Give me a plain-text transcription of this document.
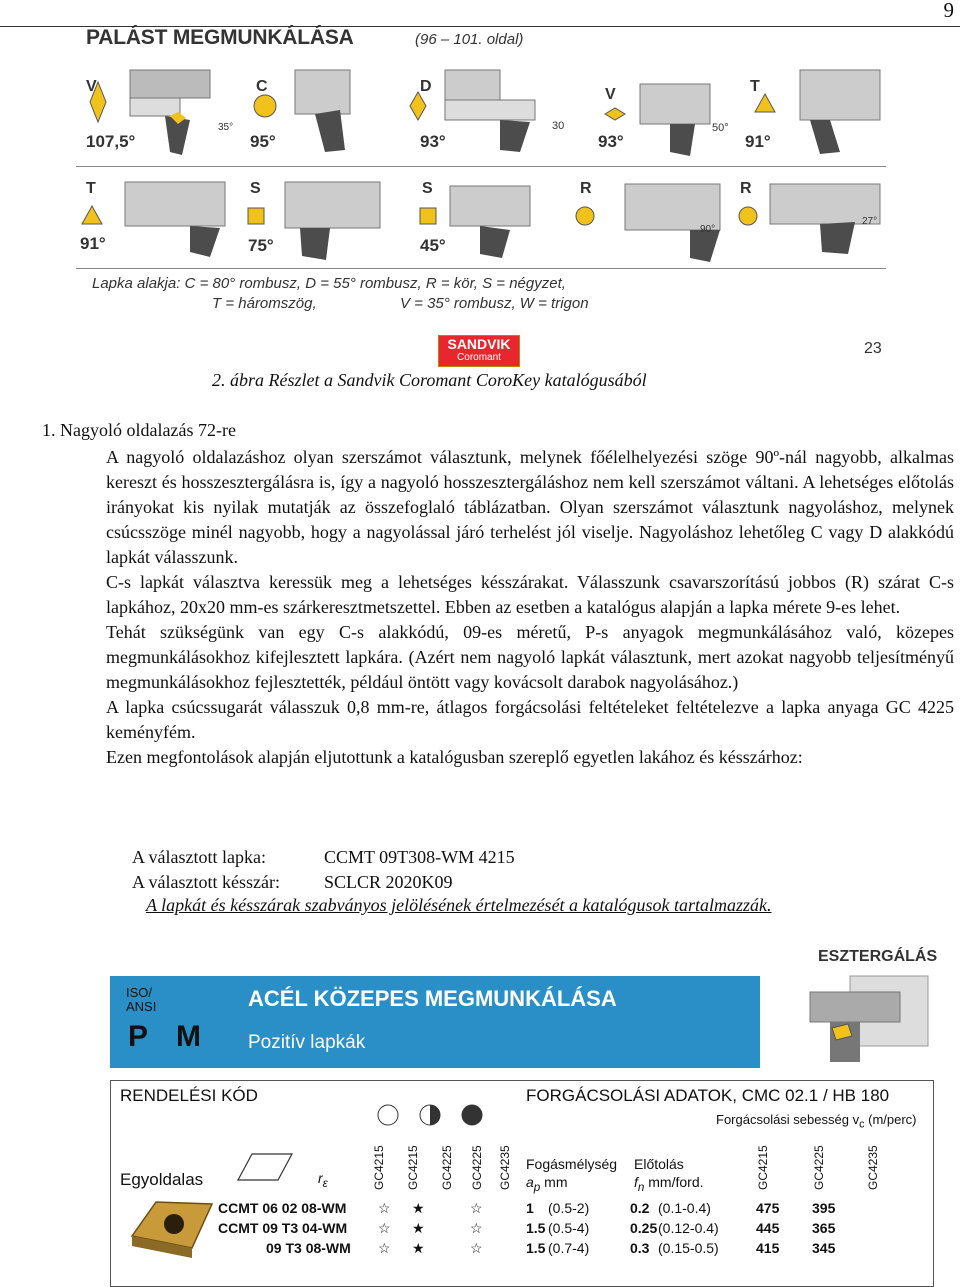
9
PALÁST MEGMUNKÁLÁSA	(96 – 101. oldal)
V
107,5°
35°
C
95°
D
93°
30
V
93°
50°
T
91°
T
91°
S
75°
S
45°
R
90°
R
27°
Lapka alakja: C = 80° rombusz, D = 55° rombusz, R = kör, S = négyzet,
T = háromszög,                    V = 35° rombusz, W = trigon
SANDVIK
Coromant
23
2. ábra Részlet a Sandvik Coromant CoroKey katalógusából
1. Nagyoló oldalazás 72-re

A nagyoló oldalazáshoz olyan szerszámot választunk, melynek főélelhelyezési szöge 90º-nál nagyobb, alkalmas kereszt és hosszesztergálásra is, így a nagyoló hosszesztergáláshoz nem kell szerszámot váltani. A lehetséges előtolás irányokat kis nyilak mutatják az összefoglaló táblázatban. Olyan szerszámot választunk nagyoláshoz, melynek csúcsszöge minél nagyobb, hogy a nagyolással járó terhelést jól viselje. Nagyoláshoz lehetőleg C vagy D alakkódú lapkát válasszunk.

C-s lapkát választva keressük meg a lehetséges késszárakat. Válasszunk csavarszorítású jobbos (R) szárat C-s lapkához, 20x20 mm-es szárkeresztmetszettel. Ebben az esetben a katalógus alapján a lapka mérete 9-es lehet.

Tehát szükségünk van egy C-s alakkódú, 09-es méretű, P-s anyagok megmunkálásához való, közepes megmunkálásokhoz kifejlesztett lapkára. (Azért nem nagyoló lapkát választunk, mert azokat nagyobb teljesítményű megmunkálásokhoz fejlesztették, például öntött vagy kovácsolt darabok nagyolásához.)

A lapka csúcssugarát válasszuk 0,8 mm-re, átlagos forgácsolási feltételeket feltételezve a lapka anyaga GC 4225 keményfém.

Ezen megfontolások alapján eljutottunk a katalógusban szereplő egyetlen lakához és késszárhoz:

A választott lapka:	CCMT 09T308-WM 4215
A választott késszár: SCLCR 2020K09
A lapkát és késszárak szabványos jelölésének értelmezését a katalógusok tartalmazzák.
ESZTERGÁLÁS
ISO/
ANSI
P M
ACÉL KÖZEPES MEGMUNKÁLÁSA
Pozitív lapkák
RENDELÉSI KÓD	FORGÁCSOLÁSI ADATOK, CMC 02.1 / HB 180
Forgácsolási sebesség $v_c$ (m/perc)
Egyoldalas	$r_\varepsilon$	GC4215 GC4215 GC4225 GC4225 GC4235 Fogásmélység
$a_p$ mm
Előtolás
$f_n$ mm/ford.	GC4215	GC4225	GC4235
CCMT 06 02 08-WM ☆ ★	☆	1 (0.5-2)	0.2 (0.1-0.4)	475 395
CCMT 09 T3 04-WM ☆ ★	☆	1.5 (0.5-4)	0.25 (0.12-0.4)	445 365
09 T3 08-WM ☆ ★	☆	1.5 (0.7-4)	0.3 (0.15-0.5)	415 345
